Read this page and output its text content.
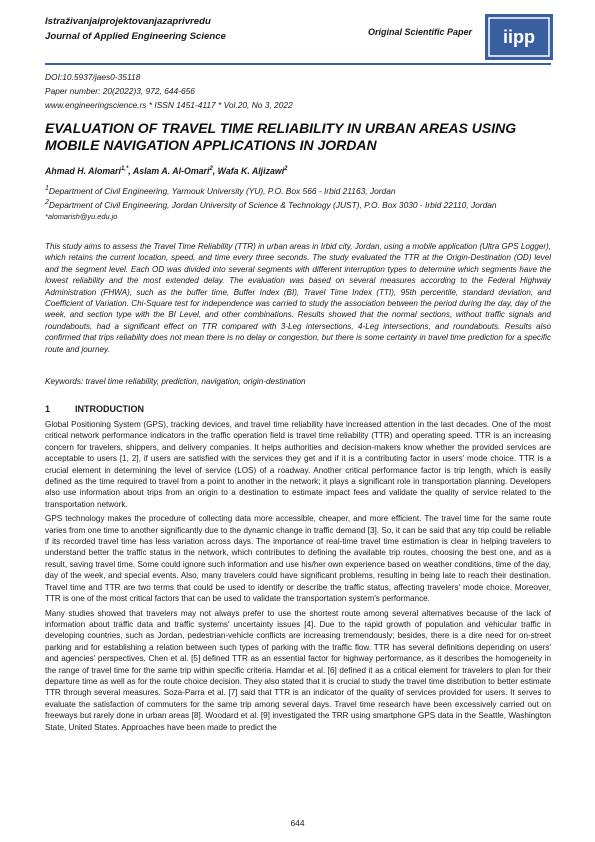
Istraživanjaiprojektovanjazaprivredu
Journal of Applied Engineering Science	Original Scientific Paper iipp
DOI:10.5937/jaes0-35118
Paper number: 20(2022)3, 972, 644-656
www.engineeringscience.rs * ISSN 1451-4117 * Vol.20, No 3, 2022
EVALUATION OF TRAVEL TIME RELIABILITY IN URBAN AREAS USING MOBILE NAVIGATION APPLICATIONS IN JORDAN
Ahmad H. Alomari$^{1,*}$, Aslam A. Al-Omari$^2$, Wafa K. Aljizawi$^2$
$^1$Department of Civil Engineering, Yarmouk University (YU), P.O. Box 566 - Irbid 21163, Jordan
$^2$Department of Civil Engineering, Jordan University of Science & Technology (JUST), P.O. Box 3030 - Irbid 22110, Jordan
*alomarish@yu.edu.jo
This study aims to assess the Travel Time Reliability (TTR) in urban areas in Irbid city, Jordan, using a mobile application (Ultra GPS Logger), which retains the current location, speed, and time every three seconds. The study evaluated the TTR at the Origin-Destination (OD) level and the segment level. Each OD was divided into several segments with different interruption types to determine which segments have the lowest reliability and the most extended delay. The evaluation was based on several measures according to the Federal Highway Administration (FHWA), such as the buffer time, Buffer Index (BI), Travel Time Index (TTI), 95th percentile, standard deviation, and Coefficient of Variation. Chi-Square test for independence was carried to study the association between the period during the day, day of the week, and section type with the BI Level, and other combinations. Results showed that the normal sections, without traffic signals and roundabouts, had a significant effect on TTR compared with 3-Leg intersections, 4-Leg intersections, and roundabouts. Results also confirmed that trips reliability does not mean there is no delay or congestion, but there is some certainty in travel time prediction for a specific route and journey.
Keywords: travel time reliability, prediction, navigation, origin-destination
1	INTRODUCTION

Global Positioning System (GPS), tracking devices, and travel time reliability have increased attention in the last decades. One of the most critical network performance indicators in the traffic operation field is travel time reliability (TTR) and operating speed. TTR is an increasing concern for travelers, shippers, and delivery companies. It helps authorities and decision-makers know whether the provided services are acceptable to users [1, 2], if users are satisfied with the services they get and if it is a contributing factor in users' mode choice. TTR is a crucial element in determining the level of service (LOS) of a roadway. Another critical performance factor is trip length, which is easily defined as the time required to travel from a point to another in the network; it plays a significant role in transportation planning. Developers also use information about trips from an origin to a destination to estimate impact fees and validate the quality of service related to the transportation network.

GPS technology makes the procedure of collecting data more accessible, cheaper, and more efficient. The travel time for the same route varies from one time to another significantly due to the dynamic change in traffic demand [3]. So, it can be said that any trip could be reliable if its recorded travel time has less variation across days. The importance of real-time travel time estimation is clear in helping travelers to understand better the traffic status in the network, which contributes to defining the available trip routes, choosing the best one, and as a result, saving travel time. Some could ignore such information and use his/her own experience based on weather conditions, time of the day, day of the week, and special events. Also, many travelers could have significant problems, resulting in being late to reach their destination. Travel time and TTR are two terms that could be used to identify or describe the traffic status, affecting travelers' mode choice. Moreover, TTR is one of the most critical factors that can be used to validate the transportation system's performance.

Many studies showed that travelers may not always prefer to use the shortest route among several alternatives because of the lack of information about traffic data and traffic systems' uncertainty issues [4]. Due to the rapid growth of population and vehicular traffic in developing countries, such as Jordan, pedestrian-vehicle conflicts are increasing tremendously; besides, there is a dire need for on-street parking and for establishing a relation between such types of parking with the traffic flow. TTR has several definitions depending on users' and agencies' perspectives. Chen et al. [5] defined TTR as an essential factor for highway performance, as it describes the homogeneity in the range of travel time for the same trip within specific criteria. Hamdar et al. [6] defined it as a critical element for travelers to plan for their departure time as well as for the route choice decision. They also stated that it is crucial to study the travel time distribution to better estimate TTR through several measures. Soza-Parra et al. [7] said that TTR is an indicator of the quality of services provided for users. It serves to evaluate the satisfaction of commuters for the same trip among several days. Travel time research have been excessively carried out on freeways but rarely done in urban areas [8]. Woodard et al. [9] investigated the TRR using smartphone GPS data in the Seattle, Washington State, United States. Approaches have been made to predict the

644
